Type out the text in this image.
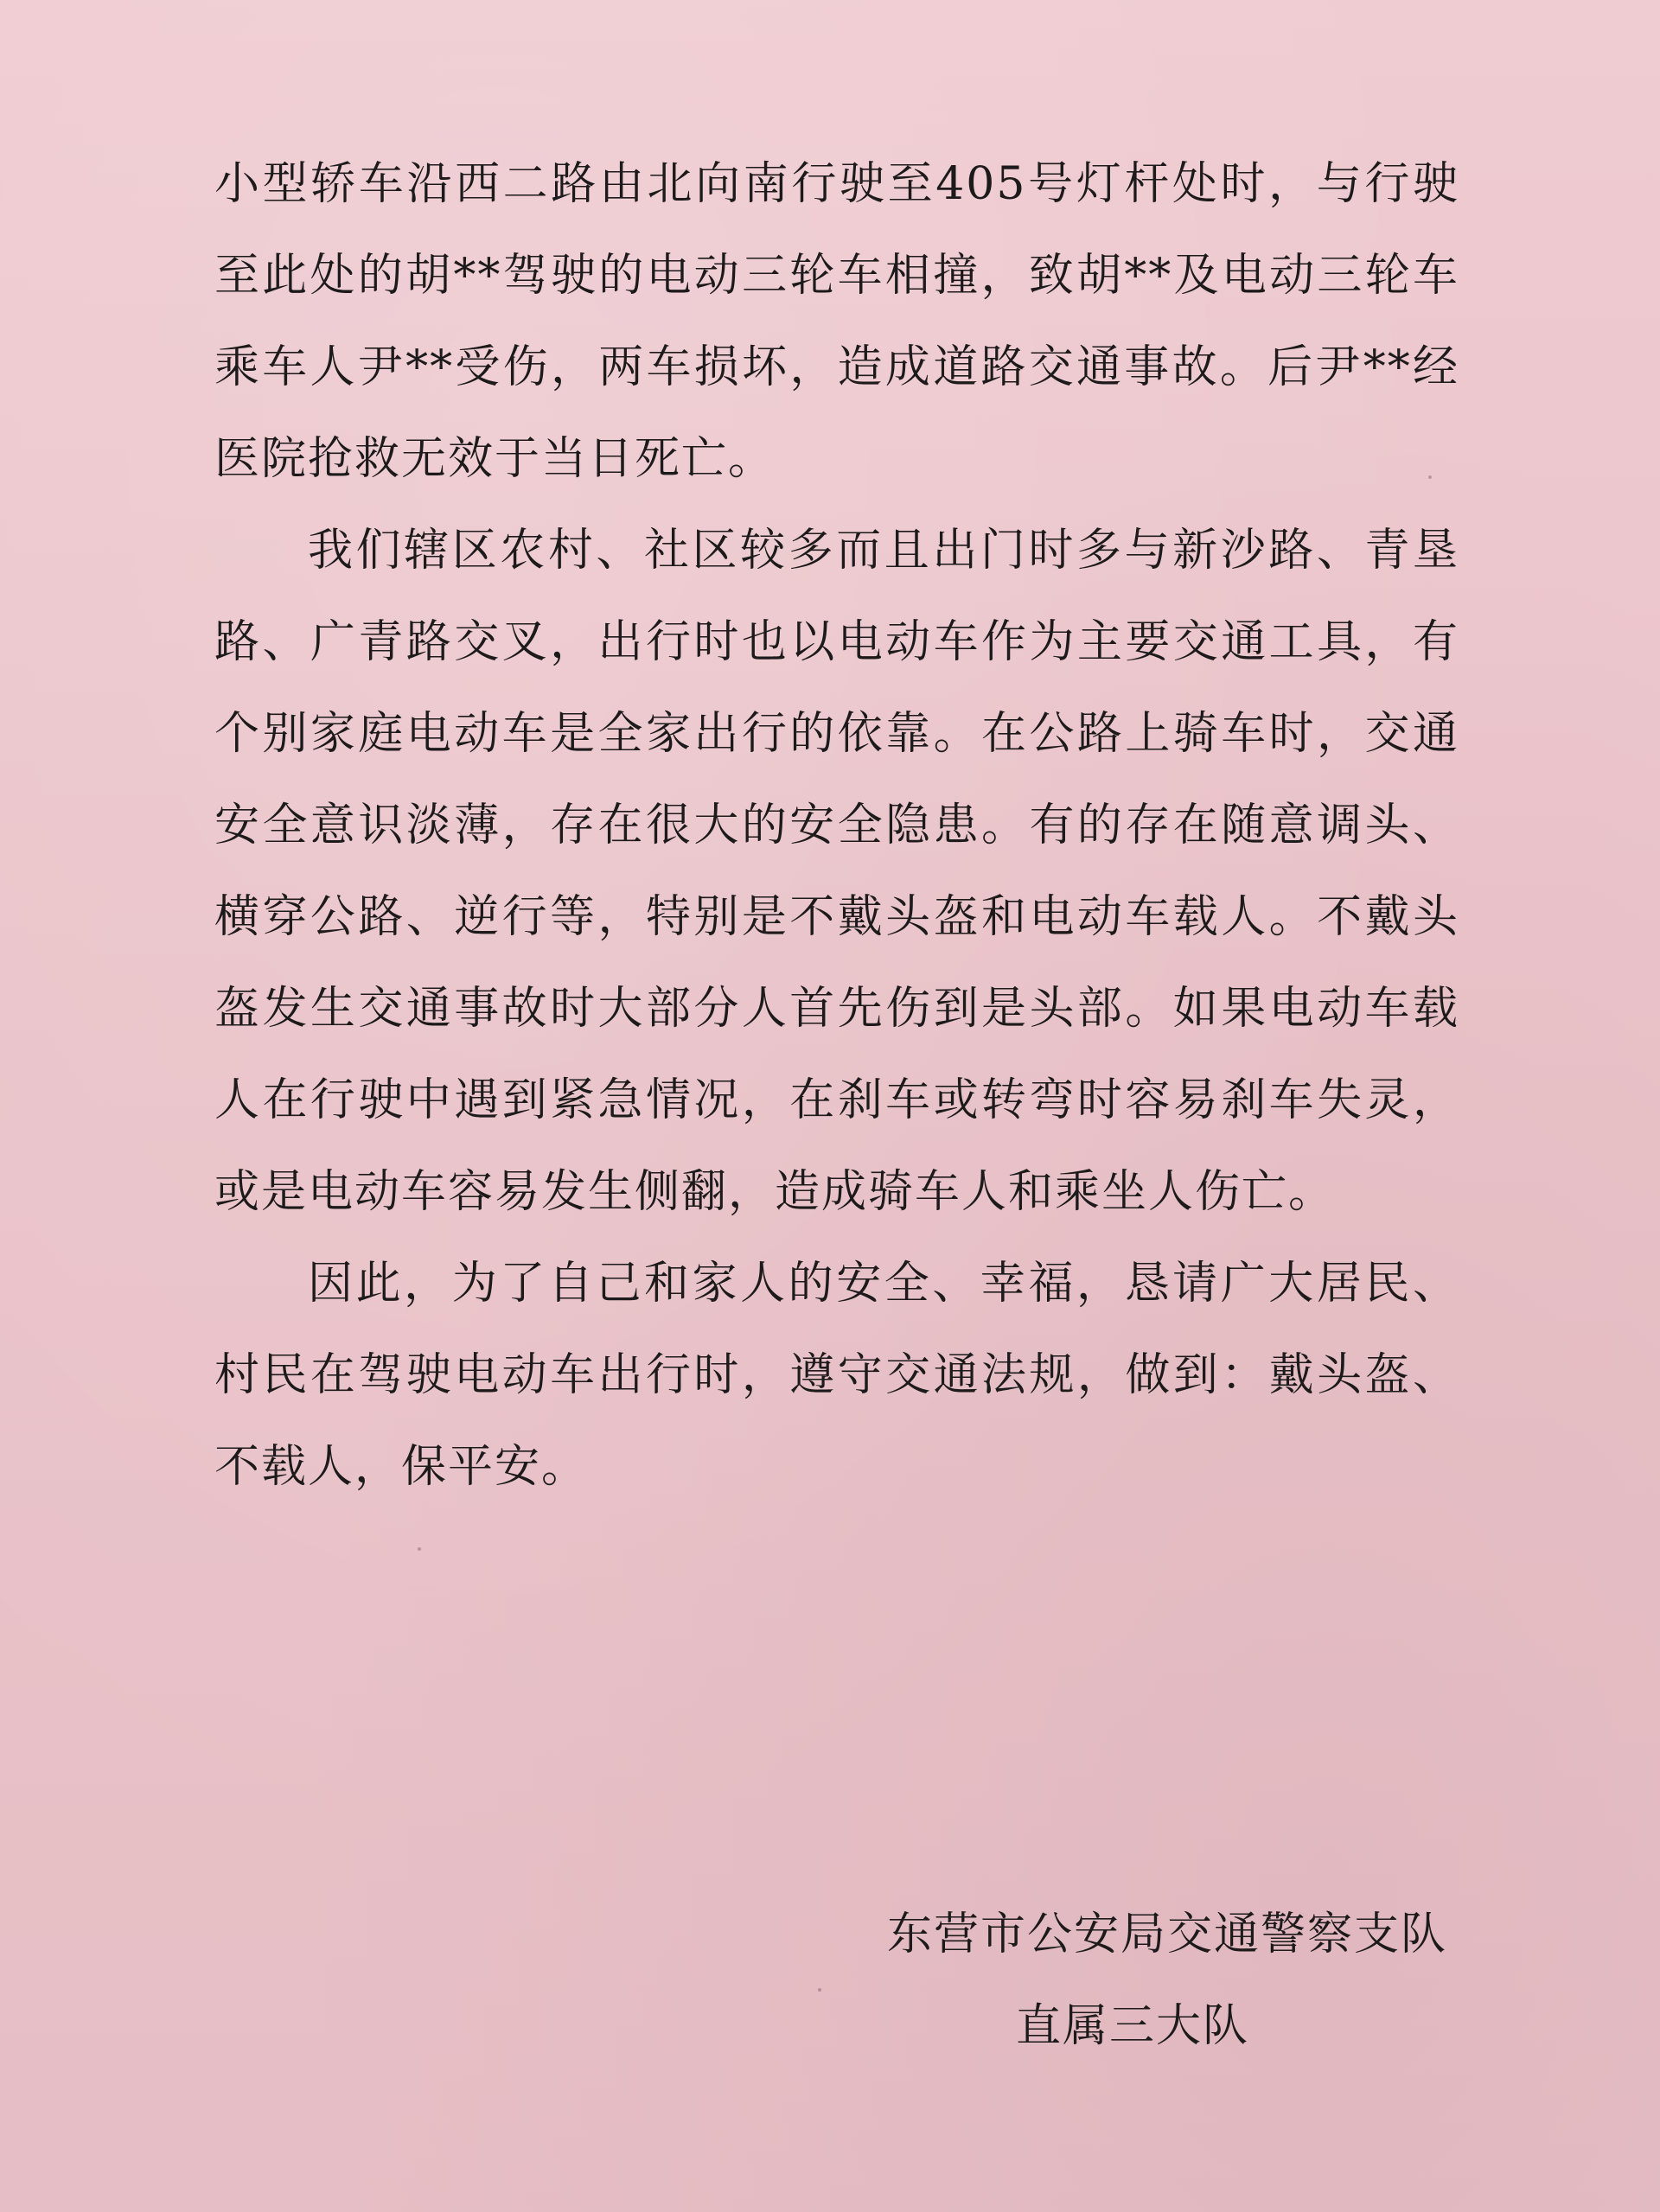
小型轿车沿西二路由北向南行驶至405号灯杆处时，与行驶至此处的胡**驾驶的电动三轮车相撞，致胡**及电动三轮车乘车人尹**受伤，两车损坏，造成道路交通事故。后尹**经医院抢救无效于当日死亡。

我们辖区农村、社区较多而且出门时多与新沙路、青垦路、广青路交叉，出行时也以电动车作为主要交通工具，有个别家庭电动车是全家出行的依靠。在公路上骑车时，交通安全意识淡薄，存在很大的安全隐患。有的存在随意调头、横穿公路、逆行等，特别是不戴头盔和电动车载人。不戴头盔发生交通事故时大部分人首先伤到是头部。如果电动车载人在行驶中遇到紧急情况，在刹车或转弯时容易刹车失灵，或是电动车容易发生侧翻，造成骑车人和乘坐人伤亡。

因此，为了自己和家人的安全、幸福，恳请广大居民、村民在驾驶电动车出行时，遵守交通法规，做到：戴头盔、不载人，保平安。

东营市公安局交通警察支队

直属三大队
